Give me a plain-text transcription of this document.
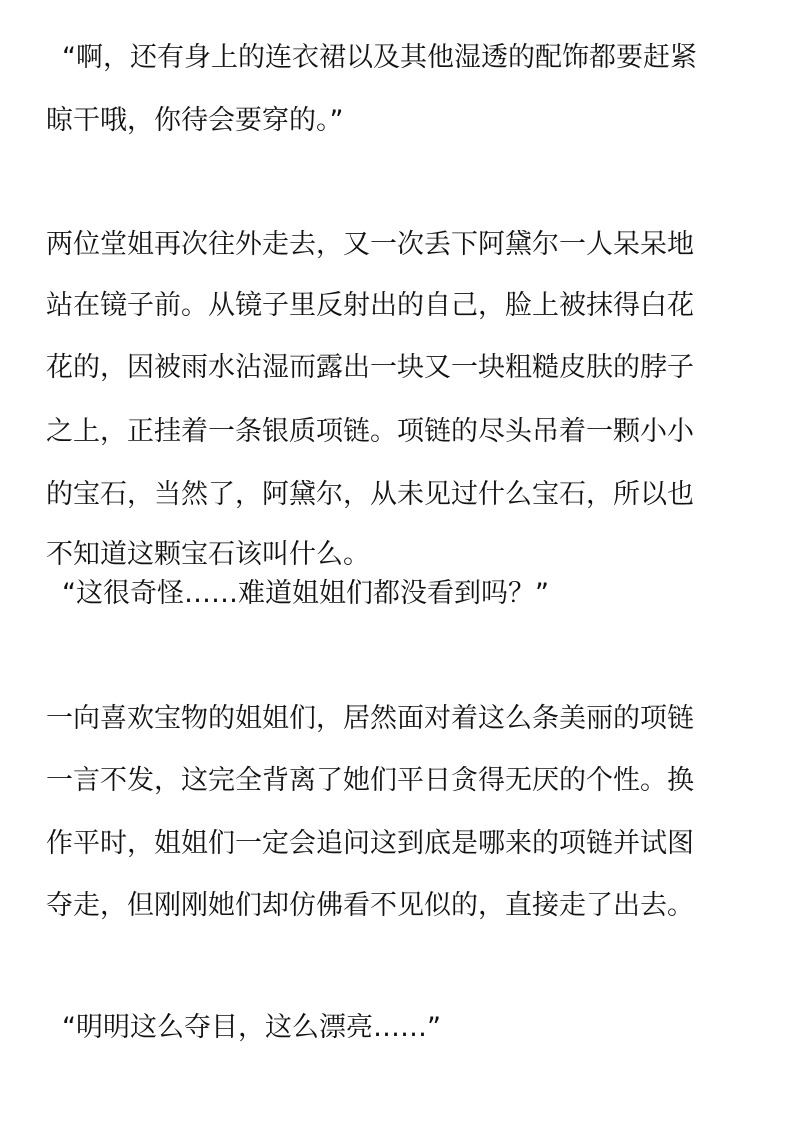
“啊，还有身上的连衣裙以及其他湿透的配饰都要赶紧
晾干哦，你待会要穿的。”
两位堂姐再次往外走去，又一次丢下阿黛尔一人呆呆地
站在镜子前。从镜子里反射出的自己，脸上被抹得白花
花的，因被雨水沾湿而露出一块又一块粗糙皮肤的脖子
之上，正挂着一条银质项链。项链的尽头吊着一颗小小
的宝石，当然了，阿黛尔，从未见过什么宝石，所以也
不知道这颗宝石该叫什么。
“这很奇怪……难道姐姐们都没看到吗？”
一向喜欢宝物的姐姐们，居然面对着这么条美丽的项链
一言不发，这完全背离了她们平日贪得无厌的个性。换
作平时，姐姐们一定会追问这到底是哪来的项链并试图
夺走，但刚刚她们却仿佛看不见似的，直接走了出去。
“明明这么夺目，这么漂亮……”
